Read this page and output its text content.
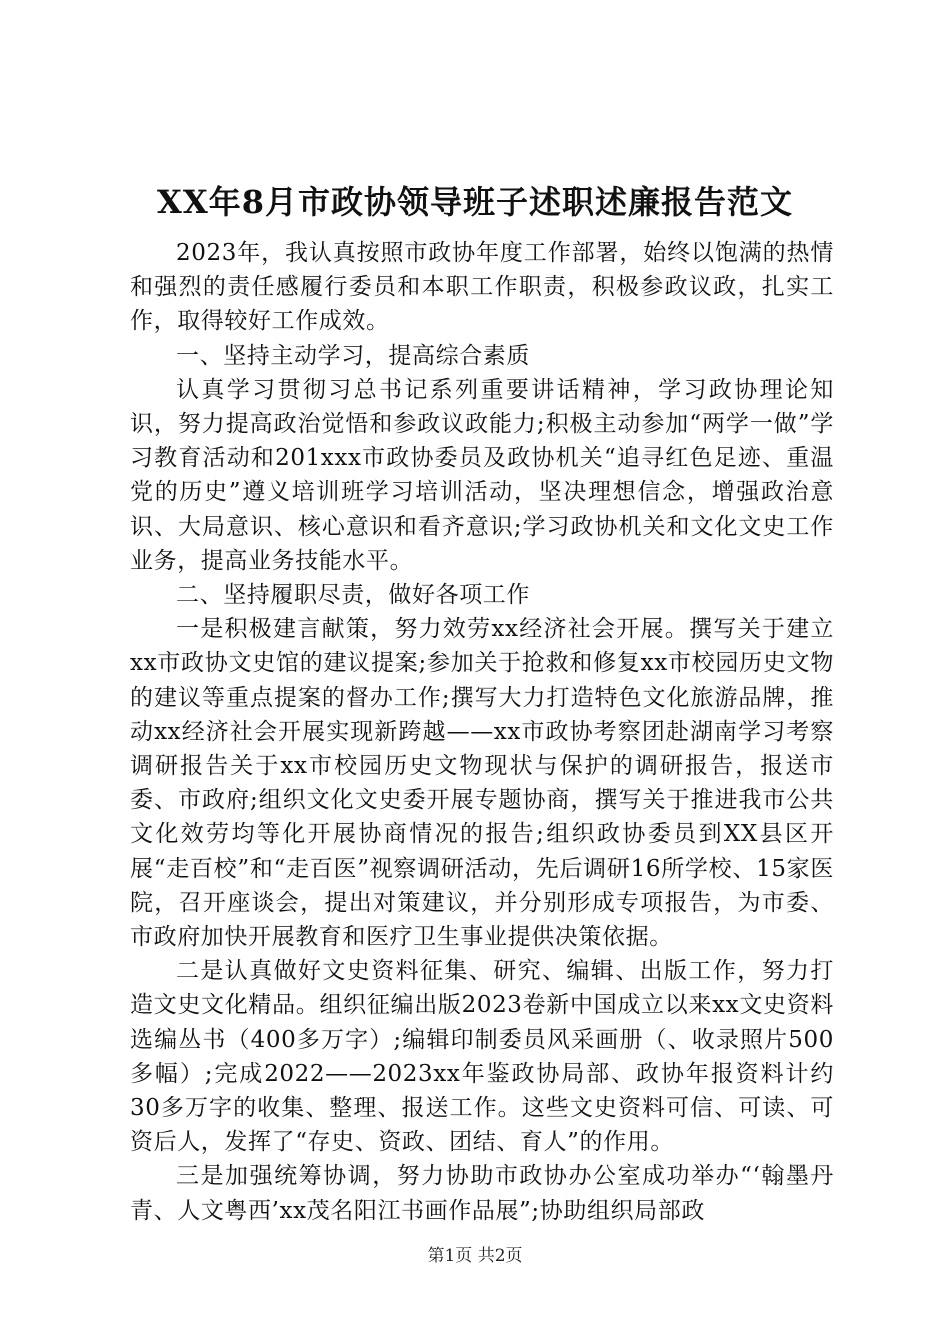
XX年8月市政协领导班子述职述廉报告范文

2023年，我认真按照市政协年度工作部署，始终以饱满的热情和强烈的责任感履行委员和本职工作职责，积极参政议政，扎实工作，取得较好工作成效。

一、坚持主动学习，提高综合素质

认真学习贯彻习总书记系列重要讲话精神，学习政协理论知识，努力提高政治觉悟和参政议政能力;积极主动参加“两学一做”学习教育活动和201xxx市政协委员及政协机关“追寻红色足迹、重温党的历史”遵义培训班学习培训活动，坚决理想信念，增强政治意识、大局意识、核心意识和看齐意识;学习政协机关和文化文史工作业务，提高业务技能水平。

二、坚持履职尽责，做好各项工作

一是积极建言献策，努力效劳xx经济社会开展。撰写关于建立xx市政协文史馆的建议提案;参加关于抢救和修复xx市校园历史文物的建议等重点提案的督办工作;撰写大力打造特色文化旅游品牌，推动xx经济社会开展实现新跨越——xx市政协考察团赴湖南学习考察调研报告关于xx市校园历史文物现状与保护的调研报告，报送市委、市政府;组织文化文史委开展专题协商，撰写关于推进我市公共文化效劳均等化开展协商情况的报告;组织政协委员到XX县区开展“走百校”和“走百医”视察调研活动，先后调研16所学校、15家医院，召开座谈会，提出对策建议，并分别形成专项报告，为市委、市政府加快开展教育和医疗卫生事业提供决策依据。

二是认真做好文史资料征集、研究、编辑、出版工作，努力打造文史文化精品。组织征编出版2023卷新中国成立以来xx文史资料选编丛书（400多万字）;编辑印制委员风采画册（、收录照片500多幅）;完成2022——2023xx年鉴政协局部、政协年报资料计约30多万字的收集、整理、报送工作。这些文史资料可信、可读、可资后人，发挥了“存史、资政、团结、育人”的作用。

三是加强统筹协调，努力协助市政协办公室成功举办“‘翰墨丹青、人文粤西’xx茂名阳江书画作品展”;协助组织局部政

第1页 共2页
